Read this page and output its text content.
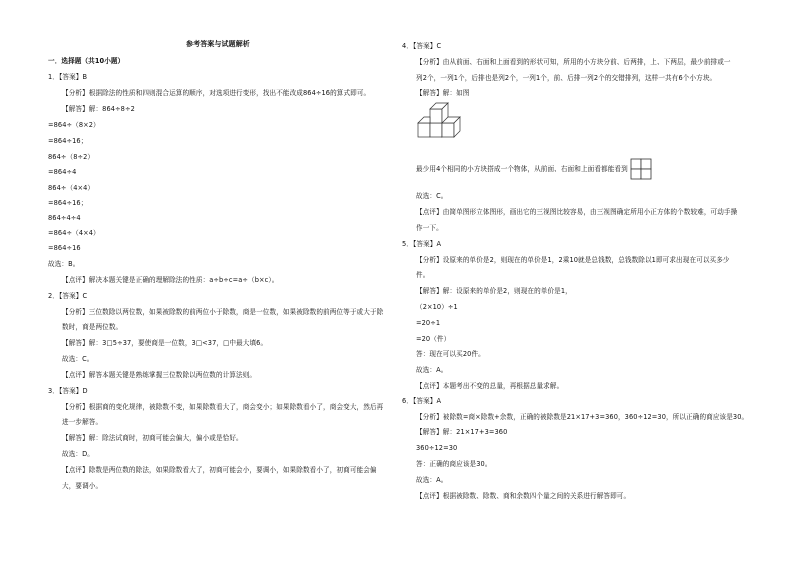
参考答案与试题解析
一．选择题（共10小题）
1．【答案】B
【分析】根据除法的性质和四则混合运算的顺序，对选项进行变形，找出不能改成864÷16的算式即可。
【解答】解：864÷8÷2
=864÷（8×2）
=864÷16；
864÷（8÷2）
=864÷4
864÷（4×4）
=864÷16；
864÷4÷4
=864÷（4×4）
=864÷16
故选：B。
【点评】解决本题关键是正确的理解除法的性质：a÷b÷c=a÷（b×c）。
2．【答案】C
【分析】三位数除以两位数，如果被除数的前两位小于除数，商是一位数，如果被除数的前两位等于或大于除
数时，商是两位数。
【解答】解：3□5÷37，要使商是一位数，3□<37，□中最大填6。
故选：C。
【点评】解答本题关键是熟练掌握三位数除以两位数的计算法则。
3．【答案】D
【分析】根据商的变化规律，被除数不变，如果除数看大了，商会变小；如果除数看小了，商会变大，然后再
进一步解答。
【解答】解：除法试商时，初商可能会偏大，偏小或是恰好。
故选：D。
【点评】除数是两位数的除法，如果除数看大了，初商可能会小，要调小，如果除数看小了，初商可能会偏
大，要调小。
4．【答案】C
【分析】由从前面、右面和上面看到的形状可知，所用的小方块分前、后两排，上、下两层，最少前排或一
列2个，一列1个，后排也是列2个，一列1个，前、后排一列2个的交错排列，这样一共有6个小方块。
【解答】解：如图
最少用4个相同的小方块搭成一个物体，从前面、右面和上面看都能看到
故选：C。
【点评】由简单图形立体图形，画出它的三视图比较容易，由三视图确定所用小正方体的个数较难，可动手操
作一下。
5．【答案】A
【分析】设原来的单价是2，则现在的单价是1，2乘10就是总钱数，总钱数除以1即可求出现在可以买多少
件。
【解答】解：设原来的单价是2，则现在的单价是1，
（2×10）÷1
=20÷1
=20（件）
答：现在可以买20件。
故选：A。
【点评】本题考出不变的总量，再根据总量求解。
6．【答案】A
【分析】被除数=商×除数+余数，正确的被除数是21×17+3=360，360÷12=30，所以正确的商应该是30。
【解答】解：21×17+3=360
360÷12=30
答：正确的商应该是30。
故选：A。
【点评】根据被除数、除数、商和余数四个量之间的关系进行解答即可。
